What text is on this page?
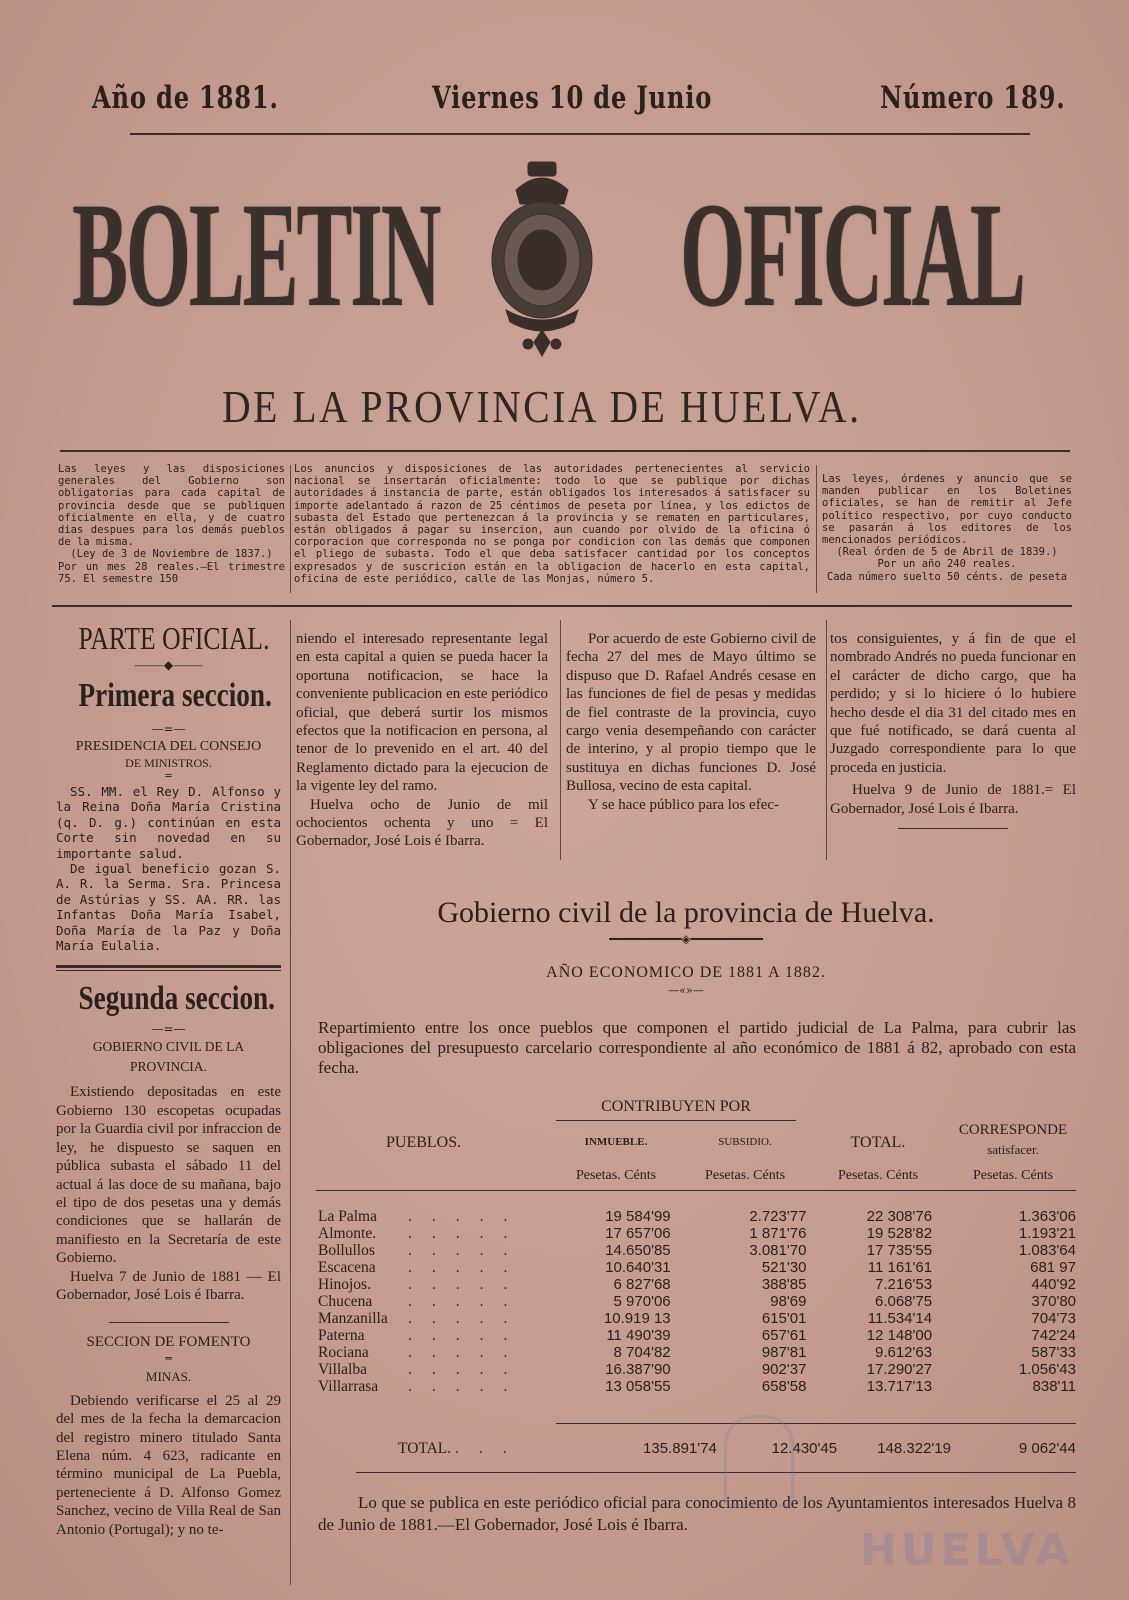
Año de 1881.	Viernes 10 de Junio	Número 189.
BOLETIN OFICIAL
DE LA PROVINCIA DE HUELVA.
Las leyes y las disposiciones generales del Gobierno son obligatorias para cada capital de provincia desde que se publiquen oficialmente en ella, y de cuatro dias despues para los demás pueblos de la misma.
(Ley de 3 de Noviembre de 1837.)
Por un mes 28 reales.—El trimestre 75. El semestre 150
Los anuncios y disposiciones de las autoridades pertenecientes al servicio nacional se insertarán oficialmente: todo lo que se publique por dichas autoridades á instancia de parte, están obligados los interesados á satisfacer su importe adelantado á razon de 25 céntimos de peseta por línea, y los edictos de subasta del Estado que pertenezcan á la provincia y se rematen en particulares, están obligados á pagar su insercion, aun cuando por olvido de la oficina ó corporacion que corresponda no se ponga por condicion con las demás que componen el pliego de subasta. Todo el que deba satisfacer cantidad por los conceptos expresados y de suscricion están en la obligacion de hacerlo en esta capital, oficina de este periódico, calle de las Monjas, número 5.
Las leyes, órdenes y anuncio que se manden publicar en los Boletines oficiales, se han de remitir al Jefe político respectivo, por cuyo conducto se pasarán á los editores de los mencionados periódicos.
(Real órden de 5 de Abril de 1839.)
Por un año 240 reales.
Cada número suelto 50 cénts. de peseta
PARTE OFICIAL.
⸻◆⸻
Primera seccion.
—=—
PRESIDENCIA DEL CONSEJO
DE MINISTROS.
═
SS. MM. el Rey D. Alfonso y la Reina Doña María Cristina (q. D. g.) continúan en esta Corte sin novedad en su importante salud.
De igual beneficio gozan S. A. R. la Serma. Sra. Princesa de Astúrias y SS. AA. RR. las Infantas Doña María Isabel, Doña María de la Paz y Doña María Eulalia.
Segunda seccion.
—=—
GOBIERNO CIVIL DE LA PROVINCIA.
Existiendo depositadas en este Gobierno 130 escopetas ocupadas por la Guardia civil por infraccion de ley, he dispuesto se saquen en pública subasta el sábado 11 del actual á las doce de su mañana, bajo el tipo de dos pesetas una y demás condiciones que se hallarán de manifiesto en la Secretaría de este Gobierno.
Huelva 7 de Junio de 1881 — El Gobernador, José Lois é Ibarra.
SECCION DE FOMENTO
═
MINAS.
Debiendo verificarse el 25 al 29 del mes de la fecha la demarcacion del registro minero titulado Santa Elena núm. 4 623, radicante en término municipal de La Puebla, perteneciente á D. Alfonso Gomez Sanchez, vecino de Villa Real de San Antonio (Portugal); y no te-
niendo el interesado representante legal en esta capital a quien se pueda hacer la oportuna notificacion, se hace la conveniente publicacion en este periódico oficial, que deberá surtir los mismos efectos que la notificacion en persona, al tenor de lo prevenido en el art. 40 del Reglamento dictado para la ejecucion de la vigente ley del ramo.
Huelva ocho de Junio de mil ochocientos ochenta y uno = El Gobernador, José Lois é Ibarra.
Por acuerdo de este Gobierno civil de fecha 27 del mes de Mayo último se dispuso que D. Rafael Andrés cesase en las funciones de fiel de pesas y medidas de fiel contraste de la provincia, cuyo cargo venia desempeñando con carácter de interino, y al propio tiempo que le sustituya en dichas funciones D. José Bullosa, vecino de esta capital.
Y se hace público para los efec-
tos consiguientes, y á fin de que el nombrado Andrés no pueda funcionar en el carácter de dicho cargo, que ha perdido; y si lo hiciere ó lo hubiere hecho desde el dia 31 del citado mes en que fué notificado, se dará cuenta al Juzgado correspondiente para lo que proceda en justicia.
Huelva 9 de Junio de 1881.= El Gobernador, José Lois é Ibarra.
Gobierno civil de la provincia de Huelva.
━━━━━━━━━━◈━━━━━━━━━━
AÑO ECONOMICO DE 1881 A 1882.
—«»—
Repartimiento entre los once pueblos que componen el partido judicial de La Palma, para cubrir las obligaciones del presupuesto carcelario correspondiente al año económico de 1881 á 82, aprobado con esta fecha.
CONTRIBUYEN POR
PUEBLOS.	INMUEBLE.	SUBSIDIO.	TOTAL.
CORRESPONDE
satisfacer.
Pesetas. Cénts	Pesetas. Cénts	Pesetas. Cénts	Pesetas. Cénts
La Palma .....	19 584'99	2.723'77	22 308'76	1.363'06
Almonte. .....	17 657'06	1 871'76	19 528'82	1.193'21
Bollullos .....	14.650'85	3.081'70	17 735'55	1.083'64
Escacena .....	10.640'31	521'30	11 161'61	681 97
Hinojos. .....	6 827'68	388'85	7.216'53	440'92
Chucena .....	5 970'06	98'69	6.068'75	370'80
Manzanilla .....	10.919 13	615'01	11.534'14	704'73
Paterna .....	11 490'39	657'61	12 148'00	742'24
Rociana .....	8 704'82	987'81	9.612'63	587'33
Villalba .....	16.387'90	902'37	17.290'27	1.056'43
Villarrasa .....	13 058'55	658'58	13.717'13	838'11
TOTAL. ...	135.891'74	12.430'45	148.322'19	9 062'44
Lo que se publica en este periódico oficial para conocimiento de los Ayuntamientos interesados Huelva 8 de Junio de 1881.—El Gobernador, José Lois é Ibarra.
HUELVA
